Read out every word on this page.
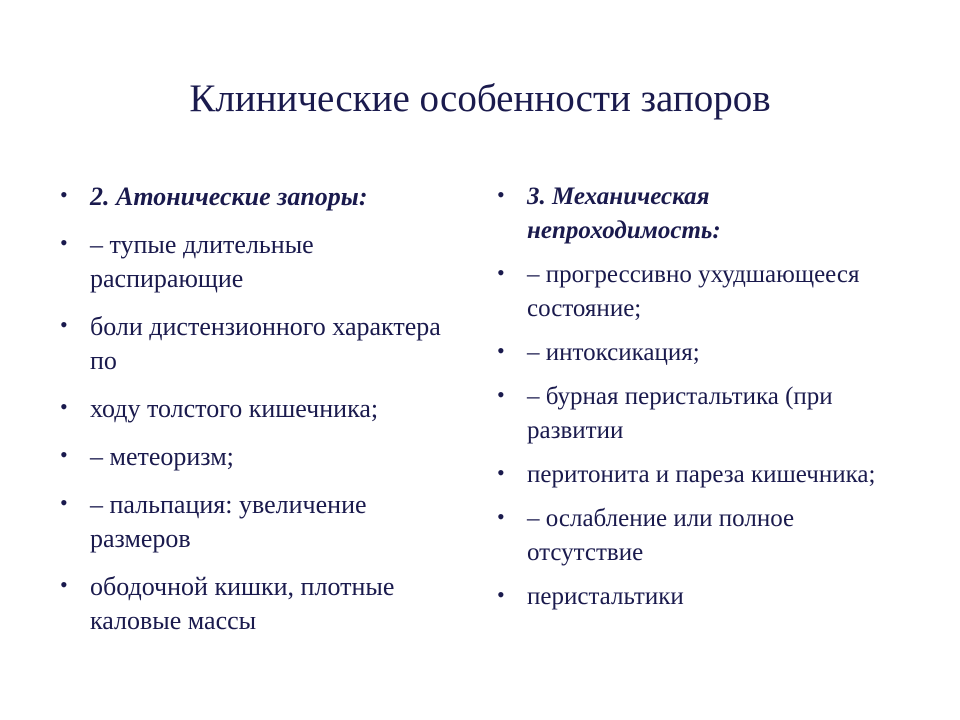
Клинические особенности запоров
• 2. Атонические запоры:
• – тупые длительные распирающие
• боли дистензионного характера по
• ходу толстого кишечника;
• – метеоризм;
• – пальпация: увеличение размеров
• ободочной кишки, плотные каловые массы
• 3. Механическая непроходимость:
• – прогрессивно ухудшающееся состояние;
• – интоксикация;
• – бурная перистальтика (при развитии
• перитонита и пареза кишечника;
• – ослабление или полное отсутствие
• перистальтики
